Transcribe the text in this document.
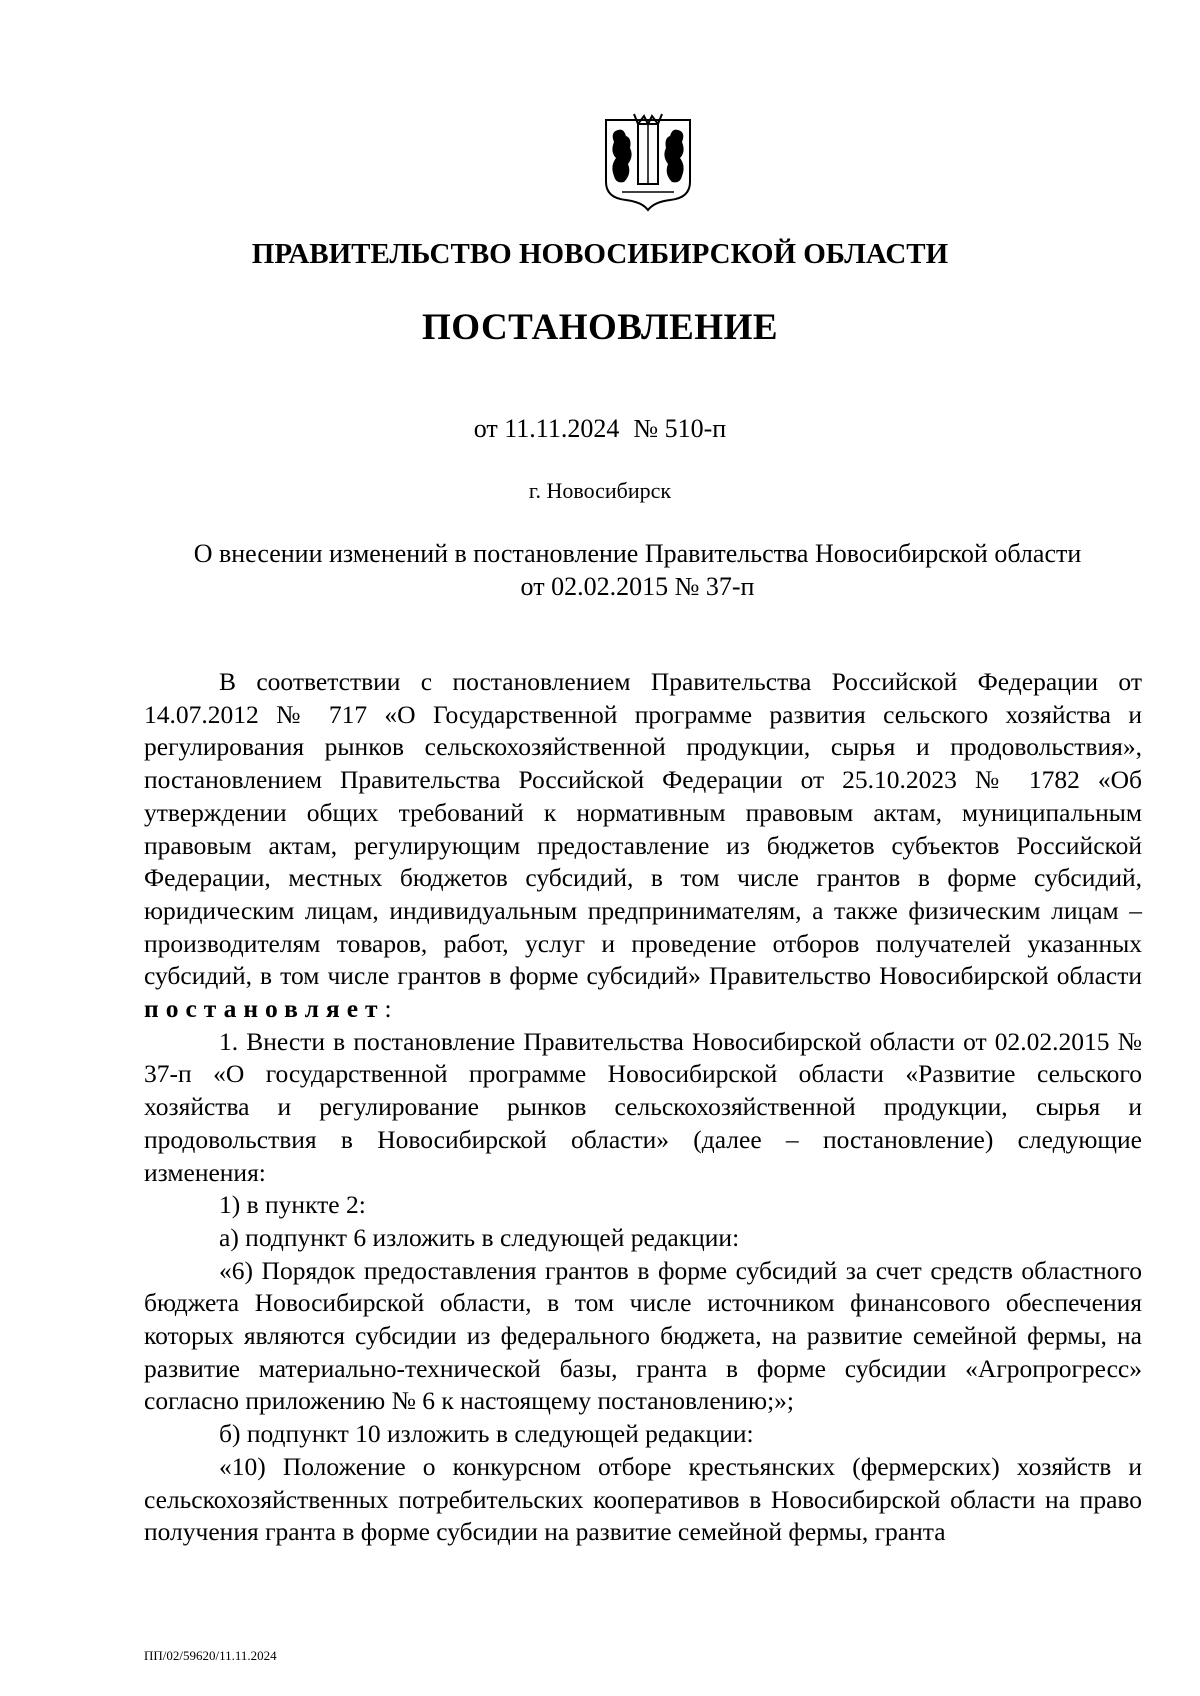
ПРАВИТЕЛЬСТВО НОВОСИБИРСКОЙ ОБЛАСТИ
ПОСТАНОВЛЕНИЕ
от 11.11.2024 № 510-п
г. Новосибирск
О внесении изменений в постановление Правительства Новосибирской области
от 02.02.2015 № 37-п

В соответствии с постановлением Правительства Российской Федерации от 14.07.2012 № 717 «О Государственной программе развития сельского хозяйства и регулирования рынков сельскохозяйственной продукции, сырья и продовольствия», постановлением Правительства Российской Федерации от 25.10.2023 № 1782 «Об утверждении общих требований к нормативным правовым актам, муниципальным правовым актам, регулирующим предоставление из бюджетов субъектов Российской Федерации, местных бюджетов субсидий, в том числе грантов в форме субсидий, юридическим лицам, индивидуальным предпринимателям, а также физическим лицам – производителям товаров, работ, услуг и проведение отборов получателей указанных субсидий, в том числе грантов в форме субсидий» Правительство Новосибирской области постановляет:

1. Внести в постановление Правительства Новосибирской области от 02.02.2015 № 37-п «О государственной программе Новосибирской области «Развитие сельского хозяйства и регулирование рынков сельскохозяйственной продукции, сырья и продовольствия в Новосибирской области» (далее – постановление) следующие изменения:

1) в пункте 2:

а) подпункт 6 изложить в следующей редакции:

«6) Порядок предоставления грантов в форме субсидий за счет средств областного бюджета Новосибирской области, в том числе источником финансового обеспечения которых являются субсидии из федерального бюджета, на развитие семейной фермы, на развитие материально-технической базы, гранта в форме субсидии «Агропрогресс» согласно приложению № 6 к настоящему постановлению;»;

б) подпункт 10 изложить в следующей редакции:

«10) Положение о конкурсном отборе крестьянских (фермерских) хозяйств и сельскохозяйственных потребительских кооперативов в Новосибирской области на право получения гранта в форме субсидии на развитие семейной фермы, гранта

ПП/02/59620/11.11.2024
